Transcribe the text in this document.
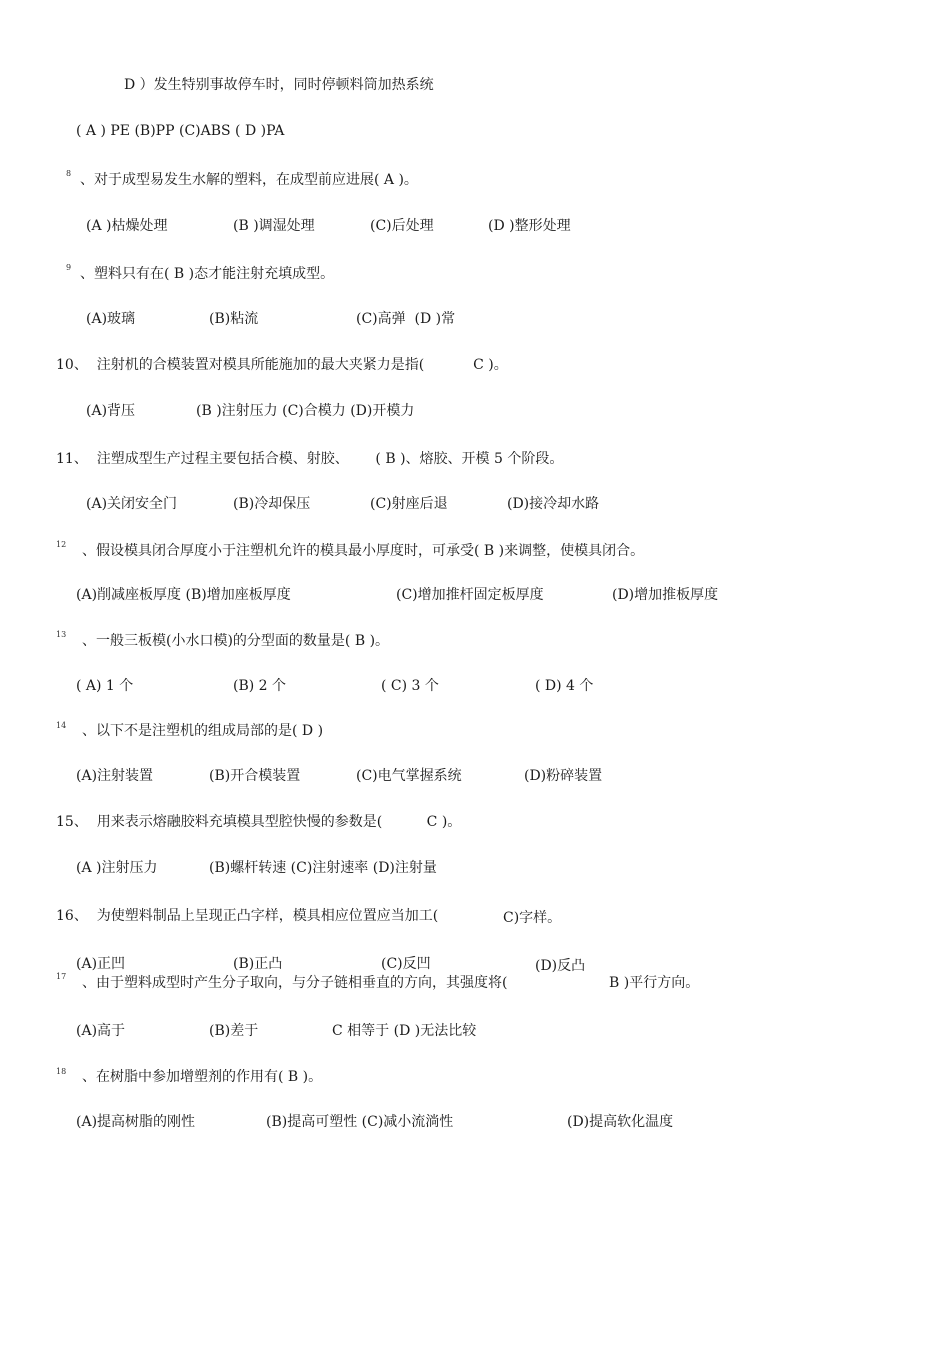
D ）发生特别事故停车时，同时停顿料筒加热系统
( A ) PE (B)PP (C)ABS ( D )PA
8 、对于成型易发生水解的塑料，在成型前应进展( A )。
(A )枯燥处理	(B )调湿处理	(C)后处理	(D )整形处理
9 、塑料只有在( B )态才能注射充填成型。
(A)玻璃	(B)粘流	(C)高弹  (D )常
10、  注射机的合模装置对模具所能施加的最大夹紧力是指(           C )。
(A)背压	(B )注射压力 (C)合模力 (D)开模力
11、  注塑成型生产过程主要包括合模、射胶、      ( B )、熔胶、开模 5 个阶段。
(A)关闭安全门	(B)冷却保压	(C)射座后退	(D)接冷却水路
12 、假设模具闭合厚度小于注塑机允许的模具最小厚度时，可承受( B )来调整，使模具闭合。
(A)削减座板厚度 (B)增加座板厚度	(C)增加推杆固定板厚度	(D)增加推板厚度
13 、一般三板模(小水口模)的分型面的数量是( B )。
( A) 1 个	(B) 2 个	( C) 3 个	( D) 4 个
14 、以下不是注塑机的组成局部的是( D )
(A)注射装置	(B)开合模装置	(C)电气掌握系统	(D)粉碎装置
15、  用来表示熔融胶料充填模具型腔快慢的参数是(          C )。
(A )注射压力	(B)螺杆转速 (C)注射速率 (D)注射量
16、  为使塑料制品上呈现正凸字样，模具相应位置应当加工(	C)字样。
(A)正凹	(B)正凸	(C)反凹	(D)反凸
17 、由于塑料成型时产生分子取向，与分子链相垂直的方向，其强度将(	B )平行方向。
(A)高于	(B)差于	C 相等于 (D )无法比较
18 、在树脂中参加增塑剂的作用有( B )。
(A)提高树脂的刚性	(B)提高可塑性 (C)减小流淌性	(D)提高软化温度
